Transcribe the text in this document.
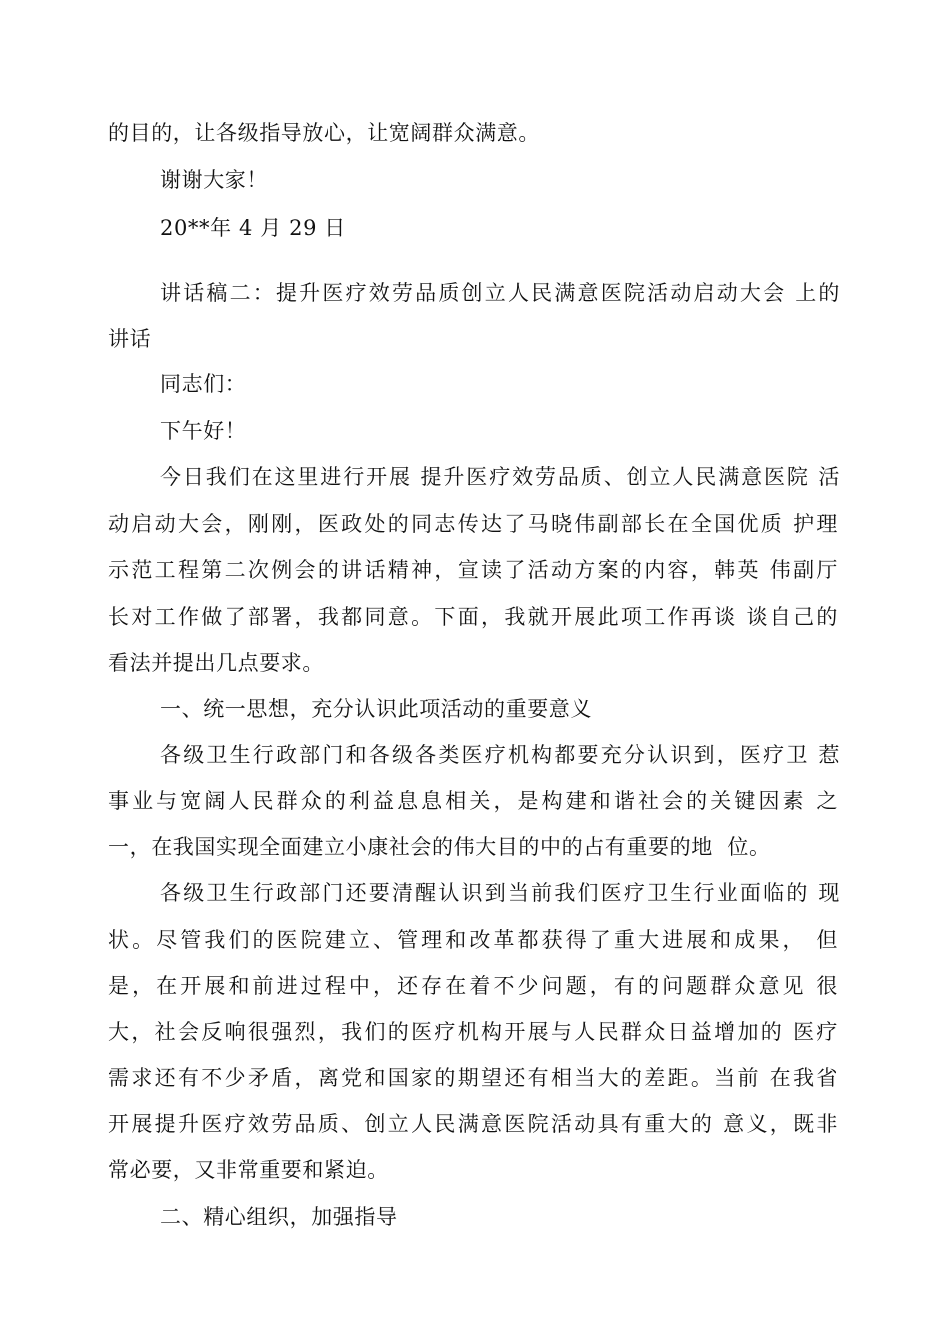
的目的，让各级指导放心，让宽阔群众满意。
谢谢大家！
20**年 4 月 29 日
讲话稿二：提升医疗效劳品质创立人民满意医院活动启动大会 上的
讲话
同志们：
下午好！
今日我们在这里进行开展 提升医疗效劳品质、创立人民满意医院 活
动启动大会，刚刚，医政处的同志传达了马晓伟副部长在全国优质 护理
示范工程第二次例会的讲话精神，宣读了活动方案的内容，韩英 伟副厅
长对工作做了部署，我都同意。下面，我就开展此项工作再谈 谈自己的
看法并提出几点要求。
一、统一思想，充分认识此项活动的重要意义
各级卫生行政部门和各级各类医疗机构都要充分认识到，医疗卫 惹
事业与宽阔人民群众的利益息息相关，是构建和谐社会的关键因素 之
一，在我国实现全面建立小康社会的伟大目的中的占有重要的地  位。
各级卫生行政部门还要清醒认识到当前我们医疗卫生行业面临的 现
状。尽管我们的医院建立、管理和改革都获得了重大进展和成果， 但
是，在开展和前进过程中，还存在着不少问题，有的问题群众意见 很
大，社会反响很强烈，我们的医疗机构开展与人民群众日益增加的 医疗
需求还有不少矛盾，离党和国家的期望还有相当大的差距。当前 在我省
开展提升医疗效劳品质、创立人民满意医院活动具有重大的 意义，既非
常必要，又非常重要和紧迫。
二、精心组织，加强指导
